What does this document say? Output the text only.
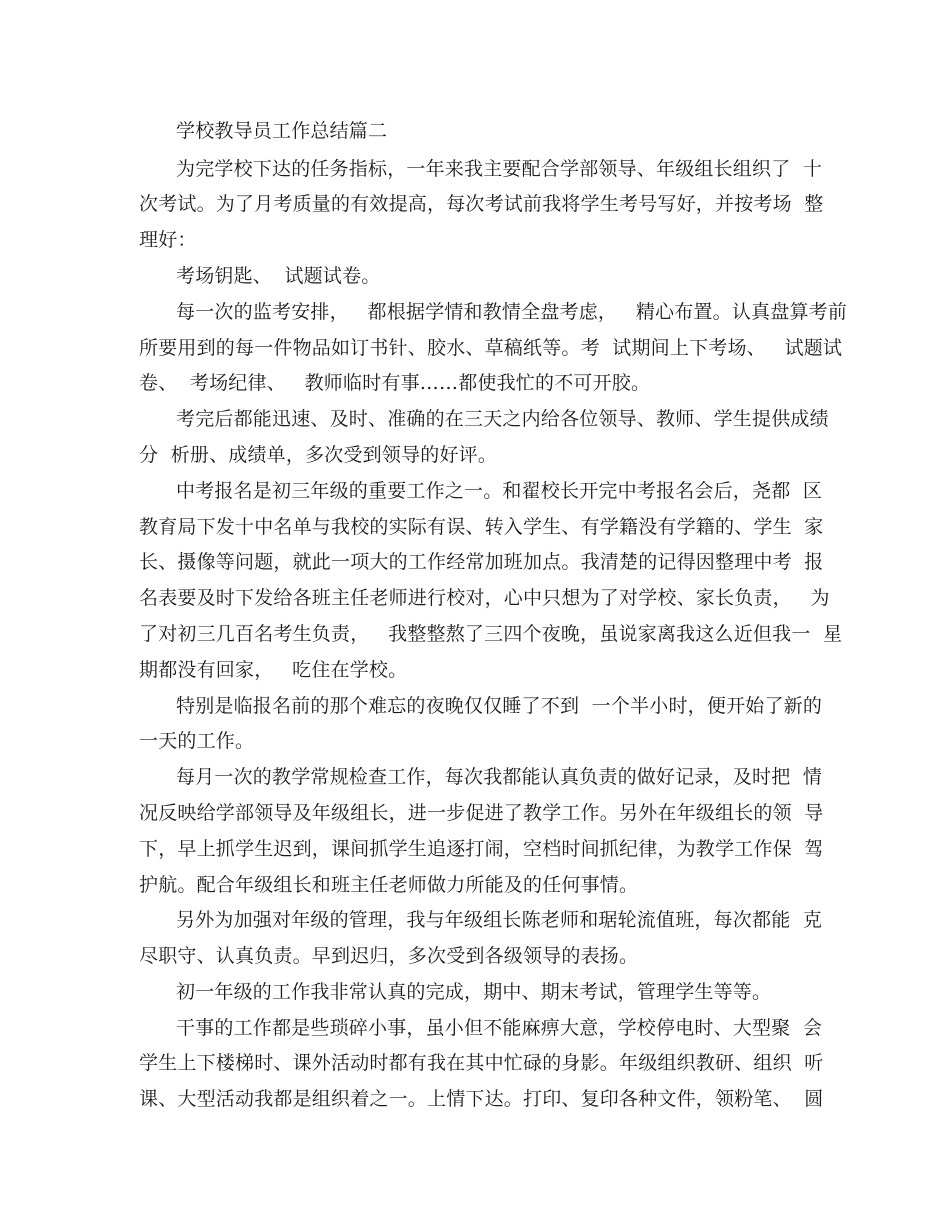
学校教导员工作总结篇二
为完学校下达的任务指标，一年来我主要配合学部领导、年级组长组织了  十
次考试。为了月考质量的有效提高，每次考试前我将学生考号写好，并按考场  整
理好：
考场钥匙、  试题试卷。
每一次的监考安排，   都根据学情和教情全盘考虑，   精心布置。认真盘算考前
所要用到的每一件物品如订书针、胶水、草稿纸等。考  试期间上下考场、   试题试
卷、  考场纪律、   教师临时有事……都使我忙的不可开胶。
考完后都能迅速、及时、准确的在三天之内给各位领导、教师、学生提供成绩
分  析册、成绩单，多次受到领导的好评。
中考报名是初三年级的重要工作之一。和翟校长开完中考报名会后，尧都  区
教育局下发十中名单与我校的实际有误、转入学生、有学籍没有学籍的、学生  家
长、摄像等问题，就此一项大的工作经常加班加点。我清楚的记得因整理中考  报
名表要及时下发给各班主任老师进行校对，心中只想为了对学校、家长负责，   为
了对初三几百名考生负责，   我整整熬了三四个夜晚，虽说家离我这么近但我一  星
期都没有回家，   吃住在学校。
特别是临报名前的那个难忘的夜晚仅仅睡了不到  一个半小时，便开始了新的
一天的工作。
每月一次的教学常规检查工作，每次我都能认真负责的做好记录，及时把  情
况反映给学部领导及年级组长，进一步促进了教学工作。另外在年级组长的领  导
下，早上抓学生迟到，课间抓学生追逐打闹，空档时间抓纪律，为教学工作保  驾
护航。配合年级组长和班主任老师做力所能及的任何事情。
另外为加强对年级的管理，我与年级组长陈老师和琚轮流值班，每次都能  克
尽职守、认真负责。早到迟归，多次受到各级领导的表扬。
初一年级的工作我非常认真的完成，期中、期末考试，管理学生等等。
干事的工作都是些琐碎小事，虽小但不能麻痹大意，学校停电时、大型聚  会
学生上下楼梯时、课外活动时都有我在其中忙碌的身影。年级组织教研、组织  听
课、大型活动我都是组织着之一。上情下达。打印、复印各种文件，领粉笔、  圆
